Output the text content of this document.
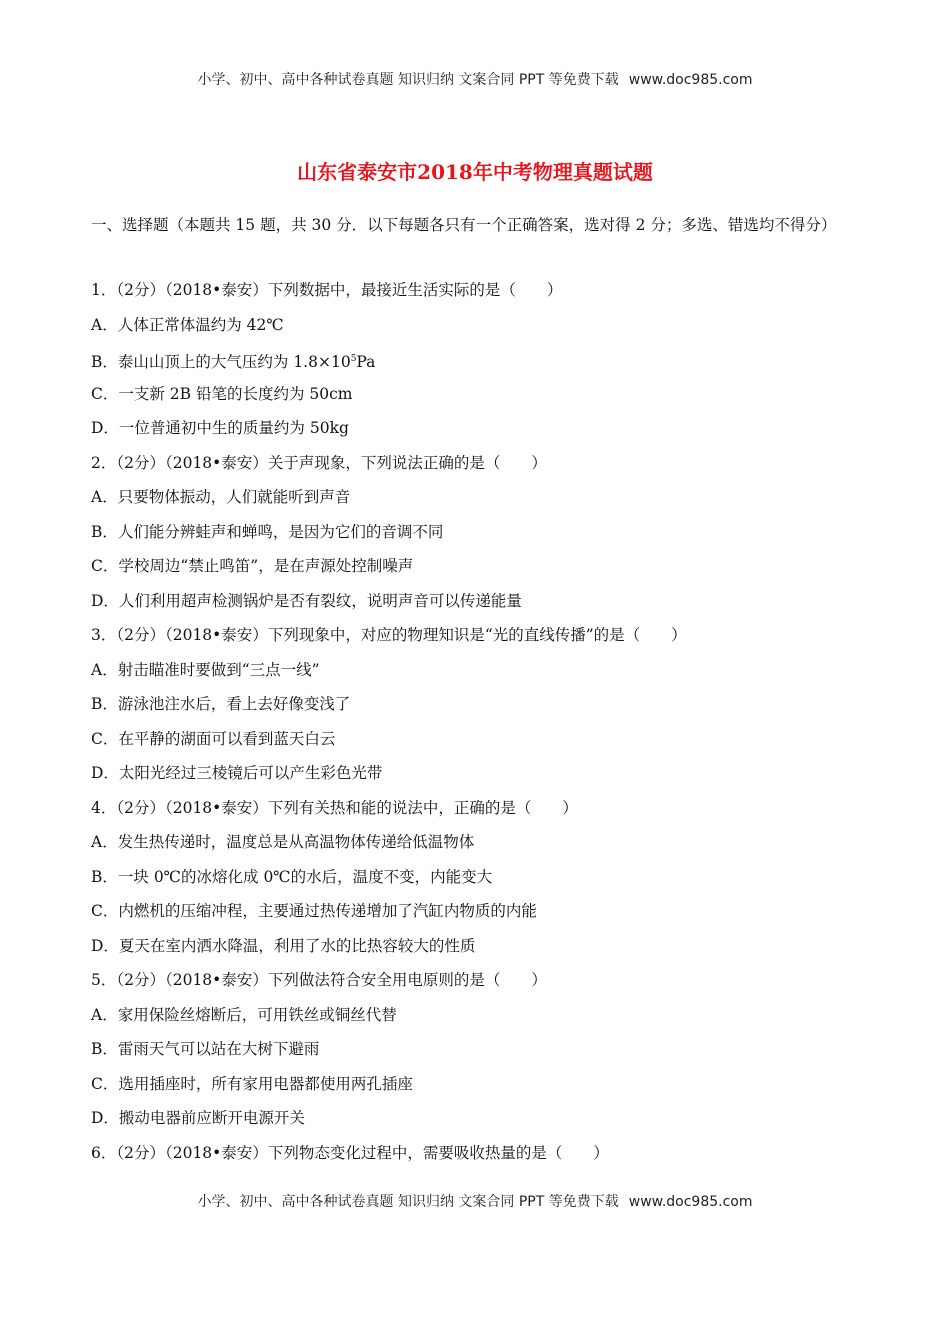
小学、初中、高中各种试卷真题 知识归纳 文案合同 PPT 等免费下载 www.doc985.com
山东省泰安市2018年中考物理真题试题
一、选择题（本题共 15 题，共 30 分．以下每题各只有一个正确答案，选对得 2 分；多选、错选均不得分）
1．（2分）（2018•泰安）下列数据中，最接近生活实际的是（　　）
A．人体正常体温约为 42℃
B．泰山山顶上的大气压约为 $1.8\times 10^5Pa$
C．一支新 2B 铅笔的长度约为 50cm
D．一位普通初中生的质量约为 50kg
2．（2分）（2018•泰安）关于声现象，下列说法正确的是（　　）
A．只要物体振动，人们就能听到声音
B．人们能分辨蛙声和蝉鸣，是因为它们的音调不同
C．学校周边“禁止鸣笛”，是在声源处控制噪声
D．人们利用超声检测锅炉是否有裂纹，说明声音可以传递能量
3．（2分）（2018•泰安）下列现象中，对应的物理知识是“光的直线传播”的是（　　）
A．射击瞄准时要做到“三点一线”
B．游泳池注水后，看上去好像变浅了
C．在平静的湖面可以看到蓝天白云
D．太阳光经过三棱镜后可以产生彩色光带
4．（2分）（2018•泰安）下列有关热和能的说法中，正确的是（　　）
A．发生热传递时，温度总是从高温物体传递给低温物体
B．一块 0℃的冰熔化成 0℃的水后，温度不变，内能变大
C．内燃机的压缩冲程，主要通过热传递增加了汽缸内物质的内能
D．夏天在室内洒水降温，利用了水的比热容较大的性质
5．（2分）（2018•泰安）下列做法符合安全用电原则的是（　　）
A．家用保险丝熔断后，可用铁丝或铜丝代替
B．雷雨天气可以站在大树下避雨
C．选用插座时，所有家用电器都使用两孔插座
D．搬动电器前应断开电源开关
6．（2分）（2018•泰安）下列物态变化过程中，需要吸收热量的是（　　）
小学、初中、高中各种试卷真题 知识归纳 文案合同 PPT 等免费下载 www.doc985.com
